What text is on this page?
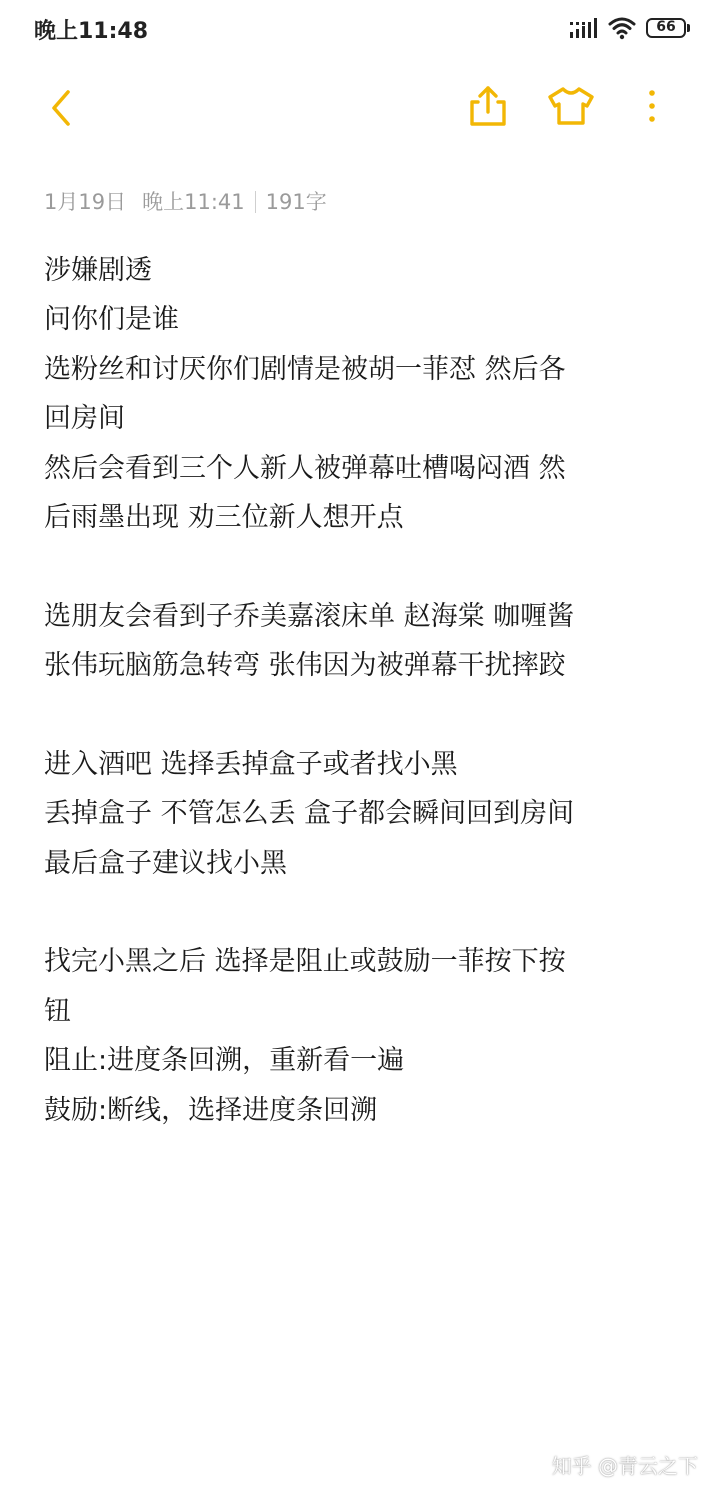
晚上11:48	66
1月19日 晚上11:41 191字
涉嫌剧透
问你们是谁
选粉丝和讨厌你们剧情是被胡一菲怼 然后各
回房间
然后会看到三个人新人被弹幕吐槽喝闷酒 然
后雨墨出现 劝三位新人想开点
选朋友会看到子乔美嘉滚床单 赵海棠 咖喱酱
张伟玩脑筋急转弯 张伟因为被弹幕干扰摔跤
进入酒吧 选择丢掉盒子或者找小黑
丢掉盒子 不管怎么丢 盒子都会瞬间回到房间
最后盒子建议找小黑
找完小黑之后 选择是阻止或鼓励一菲按下按
钮
阻止:进度条回溯，重新看一遍
鼓励:断线，选择进度条回溯
知乎 @青云之下
